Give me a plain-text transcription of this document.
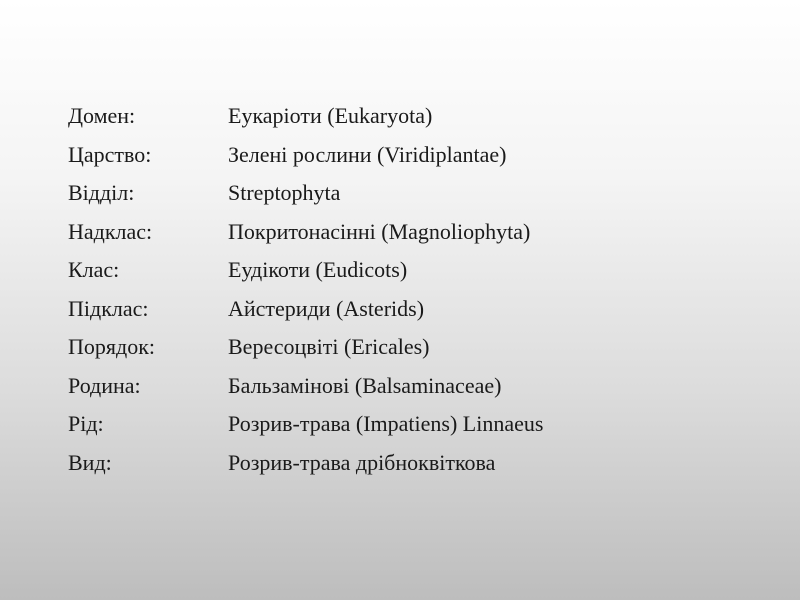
Домен:	Еукаріоти (Eukaryota)
Царство:	Зелені рослини (Viridiplantae)
Відділ:	Streptophyta
Надклас:	Покритонасінні (Magnoliophyta)
Клас:	Еудікоти (Eudicots)
Підклас:	Айстериди (Asterids)
Порядок:	Вересоцвіті (Ericales)
Родина:	Бальзамінові (Balsaminaceae)
Рід:	Розрив-трава (Impatiens) Linnaeus
Вид:	Розрив-трава дрібноквіткова
